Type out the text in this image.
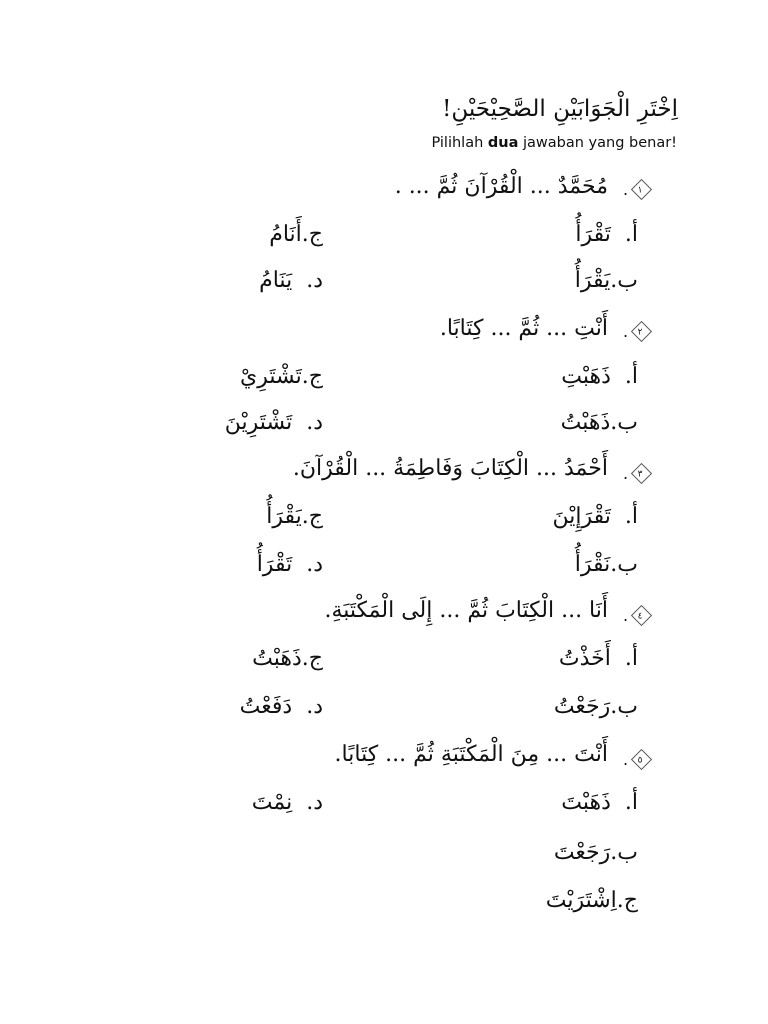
اِخْتَرِ الْجَوَابَيْنِ الصَّحِيْحَيْنِ!
Pilihlah dua jawaban yang benar!
. ١
مُحَمَّدٌ ... الْقُرْآنَ ثُمَّ ... .
أ.  تَقْرَأُ
ب.يَقْرَأُ
ج.أَنَامُ
د.  يَنَامُ
. ٢
أَنْتِ ... ثُمَّ ... كِتَابًا.
أ.  ذَهَبْتِ
ب.ذَهَبْتُ
ج.تَشْتَرِيْ
د.  تَشْتَرِيْنَ
. ٣
أَحْمَدُ ... الْكِتَابَ وَفَاطِمَةُ ... الْقُرْآنَ.
أ.  تَقْرَإِيْنَ
ب.نَقْرَأُ
ج.يَقْرَأُ
د.  تَقْرَأُ
. ٤
أَنَا ... الْكِتَابَ ثُمَّ ... إِلَى الْمَكْتَبَةِ.
أ.  أَخَذْتُ
ب.رَجَعْتُ
ج.ذَهَبْتُ
د.  دَفَعْتُ
. ٥
أَنْتَ ... مِنَ الْمَكْتَبَةِ ثُمَّ ... كِتَابًا.
أ.  ذَهَبْتَ
د.  نِمْتَ
ب.رَجَعْتَ
ج.اِشْتَرَيْتَ
